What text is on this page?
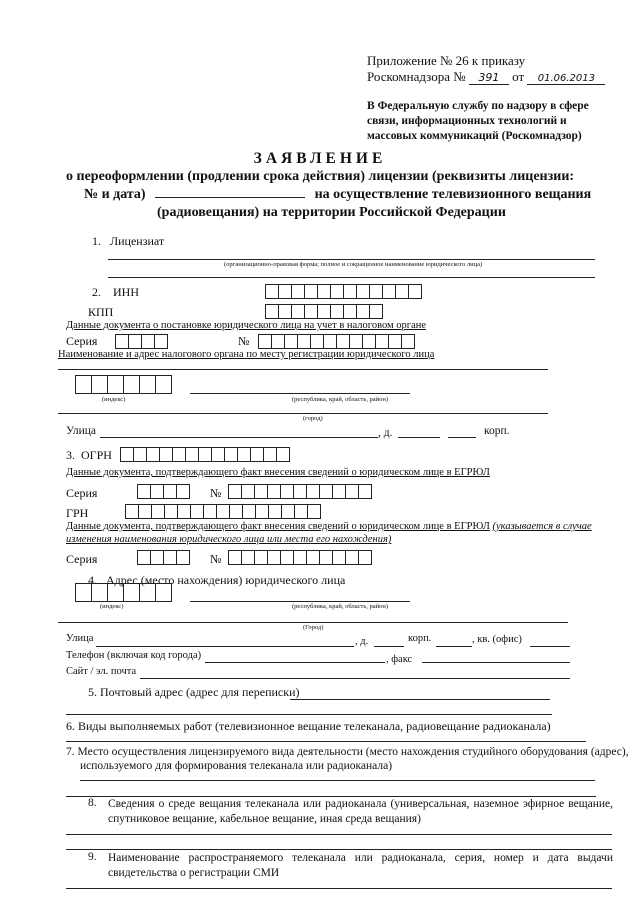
Приложение № 26 к приказу
Роскомнадзора № 391 от 01.06.2013
В Федеральную службу по надзору в сфере
связи, информационных технологий и
массовых коммуникаций (Роскомнадзор)
ЗАЯВЛЕНИЕ
о переоформлении (продлении срока действия) лицензии (реквизиты лицензии:
№ и дата)	на осуществление телевизионного вещания
(радиовещания) на территории Российской Федерации
1. Лицензиат
(организационно-правовая форма; полное и сокращенное наименование юридического лица)
2. ИНН
КПП
Данные документа о постановке юридического лица на учет в налоговом органе
Серия	№
Наименование и адрес налогового органа по месту регистрации юридического лица
(индекс)	(республика, край, область, район)
(город)
Улица	, д.	корп.
3. ОГРН
Данные документа, подтверждающего факт внесения сведений о юридическом лице в ЕГРЮЛ
Серия	№
ГРН
Данные документа, подтверждающего факт внесения сведений о юридическом лице в ЕГРЮЛ (указывается в случае
изменения наименования юридического лица или места его нахождения)
Серия	№
4. Адрес (место нахождения) юридического лица
(индекс)	(республика, край, область, район)
(Город)
Улица	, д.	корп.	, кв. (офис)
Телефон (включая код города)	, факс
Сайт / эл. почта
5. Почтовый адрес (адрес для переписки)
6. Виды выполняемых работ (телевизионное вещание телеканала, радиовещание радиоканала)
7. Место осуществления лицензируемого вида деятельности (место нахождения студийного оборудования (адрес),
используемого для формирования телеканала или радиоканала)
8. Сведения о среде вещания телеканала или радиоканала (универсальная, наземное эфирное вещание, спутниковое вещание, кабельное вещание, иная среда вещания)
9. Наименование распространяемого телеканала или радиоканала, серия, номер и дата выдачи свидетельства о регистрации СМИ
